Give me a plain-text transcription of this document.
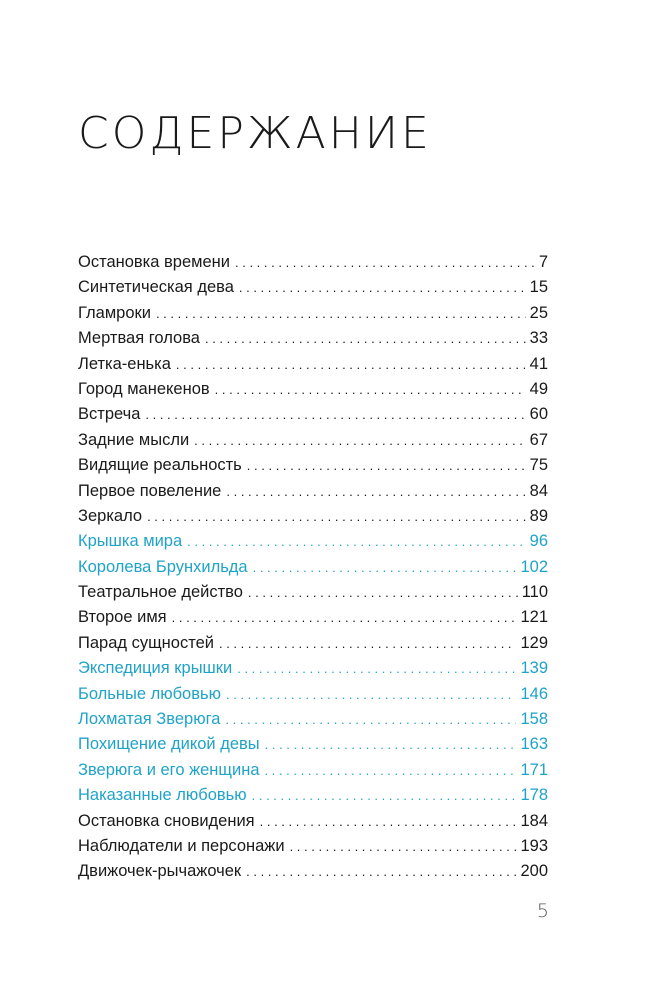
СОДЕРЖАНИЕ
Остановка времени . . .	7
Синтетическая дева . . .	15
Гламроки . . .	25
Мертвая голова . . .	33
Летка-енька . . .	41
Город манекенов . . .	49
Встреча . . .	60
Задние мысли . . .	67
Видящие реальность . . .	75
Первое повеление . . .	84
Зеркало . . .	89
Крышка мира . . .	96
Королева Брунхильда . . .	102
Театральное действо . . .	110
Второе имя . . .	121
Парад сущностей . . .	129
Экспедиция крышки . . .	139
Больные любовью . . .	146
Лохматая Зверюга . . .	158
Похищение дикой девы . . .	163
Зверюга и его женщина . . .	171
Наказанные любовью . . .	178
Остановка сновидения . . .	184
Наблюдатели и персонажи . . .	193
Движочек-рычажочек . . .	200
5
